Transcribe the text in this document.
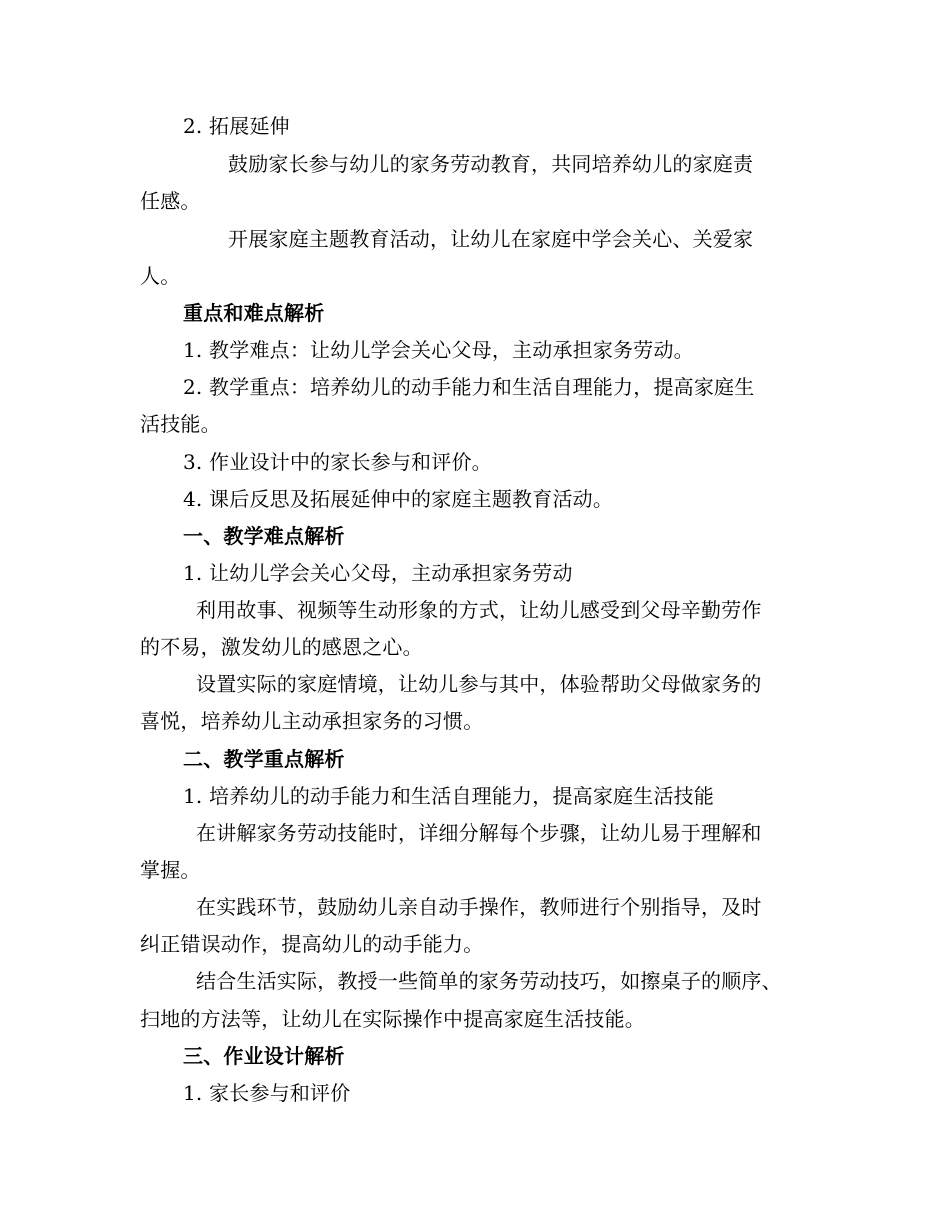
2. 拓展延伸
鼓励家长参与幼儿的家务劳动教育，共同培养幼儿的家庭责
任感。
开展家庭主题教育活动，让幼儿在家庭中学会关心、关爱家
人。
重点和难点解析
1. 教学难点：让幼儿学会关心父母，主动承担家务劳动。
2. 教学重点：培养幼儿的动手能力和生活自理能力，提高家庭生
活技能。
3. 作业设计中的家长参与和评价。
4. 课后反思及拓展延伸中的家庭主题教育活动。
一、教学难点解析
1. 让幼儿学会关心父母，主动承担家务劳动
利用故事、视频等生动形象的方式，让幼儿感受到父母辛勤劳作
的不易，激发幼儿的感恩之心。
设置实际的家庭情境，让幼儿参与其中，体验帮助父母做家务的
喜悦，培养幼儿主动承担家务的习惯。
二、教学重点解析
1. 培养幼儿的动手能力和生活自理能力，提高家庭生活技能
在讲解家务劳动技能时，详细分解每个步骤，让幼儿易于理解和
掌握。
在实践环节，鼓励幼儿亲自动手操作，教师进行个别指导，及时
纠正错误动作，提高幼儿的动手能力。
结合生活实际，教授一些简单的家务劳动技巧，如擦桌子的顺序、
扫地的方法等，让幼儿在实际操作中提高家庭生活技能。
三、作业设计解析
1. 家长参与和评价
